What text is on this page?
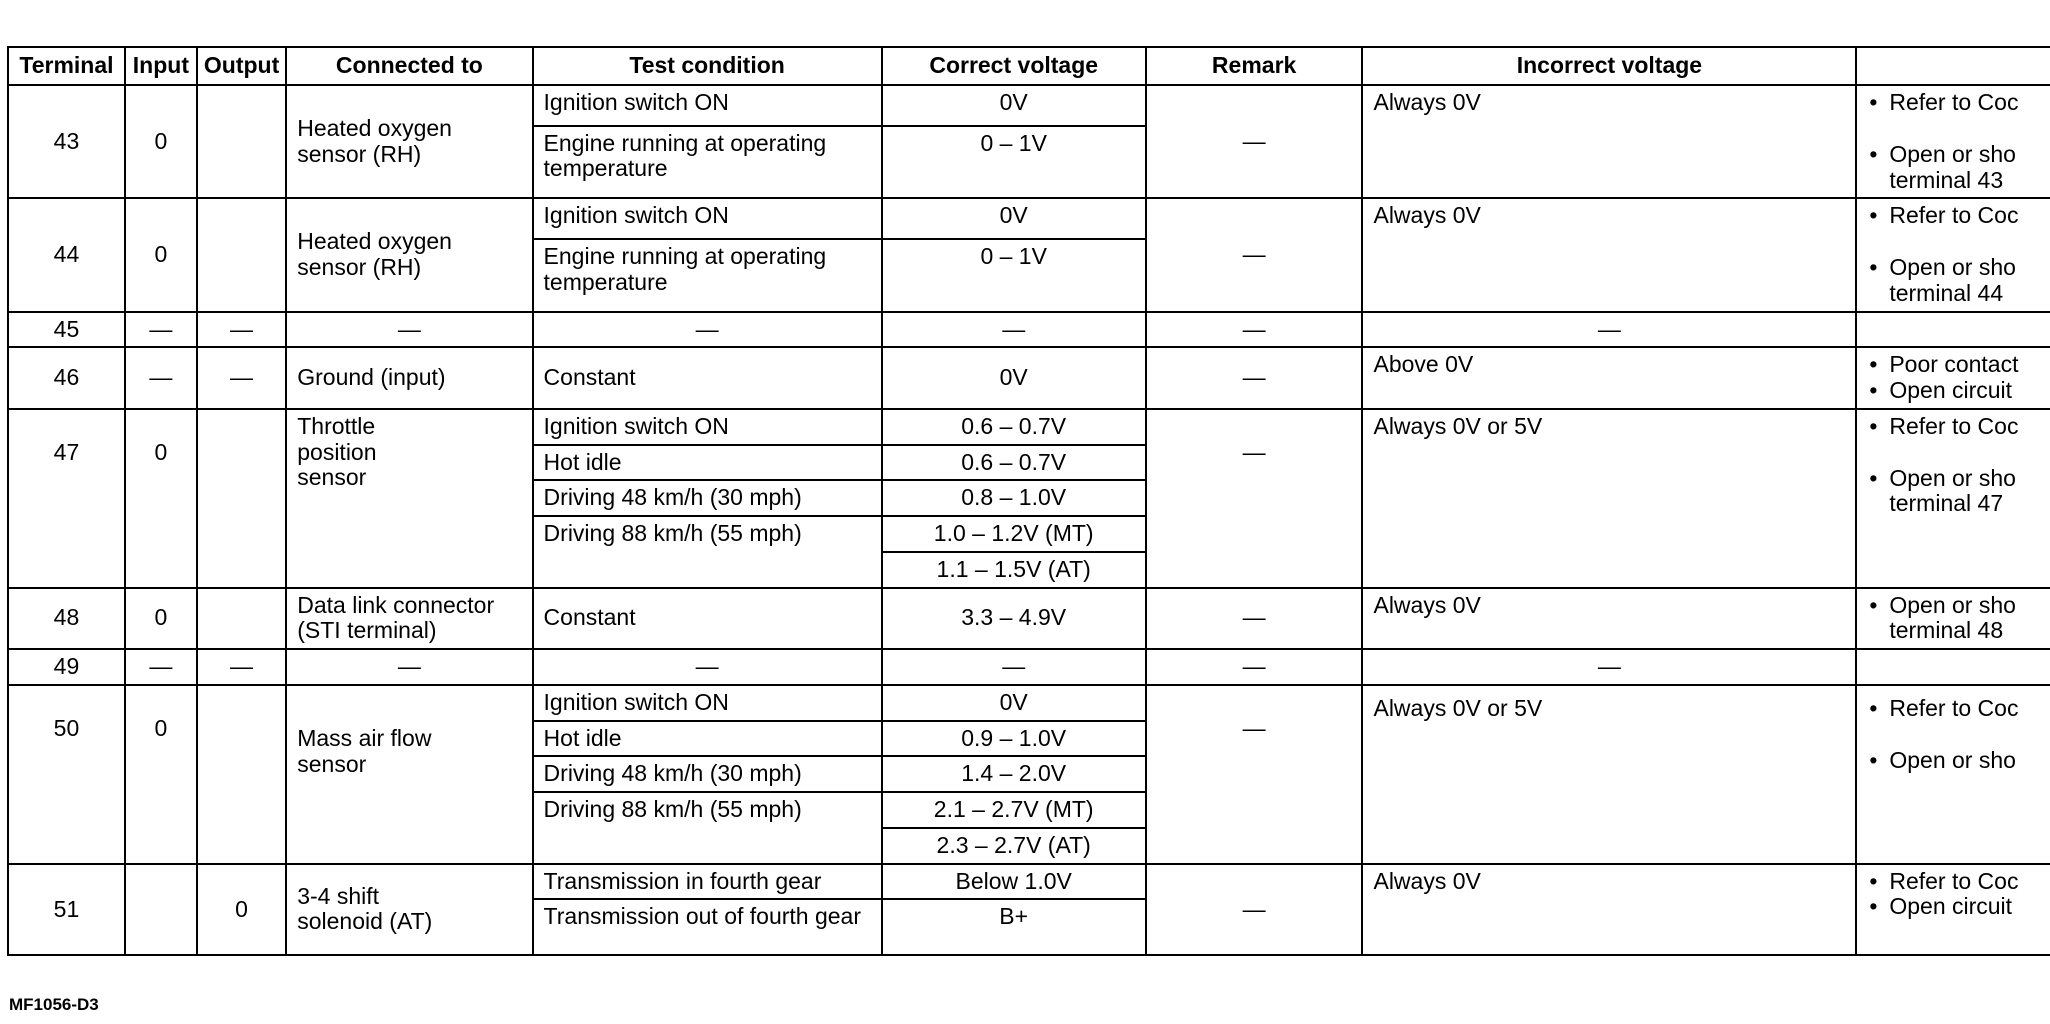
Terminal	Input	Output	Connected to	Test condition	Correct voltage	Remark	Incorrect voltage	
43	0		Heated oxygen sensor (RH)	Ignition switch ON	0V	—	Always 0V	• Refer to Coc
• Open or sho
terminal 43

				Engine running at operating temperature	0 – 1V			
44	0		Heated oxygen sensor (RH)	Ignition switch ON	0V	—	Always 0V	• Refer to Coc
• Open or sho
terminal 44

				Engine running at operating temperature	0 – 1V			
45	—	—	—	—	—	—	—	
46	—	—	Ground (input)	Constant	0V	—	Above 0V	• Poor contact
• Open circuit

47	0		Throttle position sensor	Ignition switch ON	0.6 – 0.7V	—	Always 0V or 5V	• Refer to Coc
• Open or sho
terminal 47

				Hot idle	0.6 – 0.7V			
				Driving 48 km/h (30 mph)	0.8 – 1.0V			
				Driving 88 km/h (55 mph)	1.0 – 1.2V (MT)			
					1.1 – 1.5V (AT)			
48	0		Data link connector (STI terminal)	Constant	3.3 – 4.9V	—	Always 0V	• Open or sho
terminal 48

49	—	—	—	—	—	—	—	
50	0		Mass air flow sensor	Ignition switch ON	0V	—	Always 0V or 5V	• Refer to Coc
• Open or sho

				Hot idle	0.9 – 1.0V			
				Driving 48 km/h (30 mph)	1.4 – 2.0V			
				Driving 88 km/h (55 mph)	2.1 – 2.7V (MT)			
					2.3 – 2.7V (AT)			
51		0	3-4 shift solenoid (AT)	Transmission in fourth gear	Below 1.0V	—	Always 0V	• Refer to Coc
• Open circuit

				Transmission out of fourth gear	B+			
MF1056-D3
